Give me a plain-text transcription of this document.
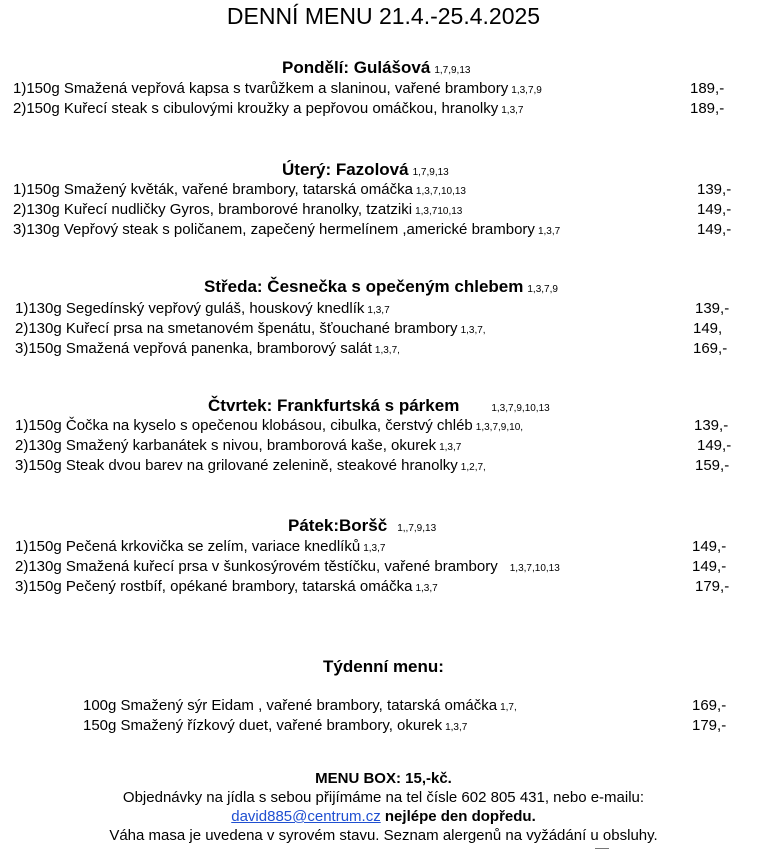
DENNÍ MENU 21.4.-25.4.2025
Pondělí: Gulášová 1,7,9,13
1)150g Smažená vepřová kapsa s tvarůžkem a slaninou, vařené brambory 1,3,7,9	189,-
2)150g Kuřecí steak s cibulovými kroužky a pepřovou omáčkou, hranolky 1,3,7	189,-
Úterý: Fazolová 1,7,9,13
1)150g Smažený květák, vařené brambory, tatarská omáčka 1,3,7,10,13	139,-
2)130g Kuřecí nudličky Gyros, bramborové hranolky, tzatziki 1,3,710,13	149,-
3)130g Vepřový steak s poličanem, zapečený hermelínem ,americké brambory 1,3,7	149,-
Středa: Česnečka s opečeným chlebem 1,3,7,9
1)130g Segedínský vepřový guláš, houskový knedlík 1,3,7	139,-
2)130g Kuřecí prsa na smetanovém špenátu, šťouchané brambory 1,3,7,	149,
3)150g Smažená vepřová panenka, bramborový salát 1,3,7,	169,-
Čtvrtek: Frankfurtská s párkem	1,3,7,9,10,13
1)150g Čočka na kyselo s opečenou klobásou, cibulka, čerstvý chléb 1,3,7,9,10,	139,-
2)130g Smažený karbanátek s nivou, bramborová kaše, okurek 1,3,7	149,-
3)150g Steak dvou barev na grilované zelenině, steakové hranolky 1,2,7,	159,-
Pátek:Boršč 1,,7,9,13
1)150g Pečená krkovička se zelím, variace knedlíků 1,3,7	149,-
2)130g Smažená kuřecí prsa v šunkosýrovém těstíčku, vařené brambory 1,3,7,10,13	149,-
3)150g Pečený rostbíf, opékané brambory, tatarská omáčka 1,3,7	179,-
Týdenní menu:
100g Smažený sýr Eidam , vařené brambory, tatarská omáčka 1,7,	169,-
150g Smažený řízkový duet, vařené brambory, okurek 1,3,7	179,-
MENU BOX: 15,-kč.
Objednávky na jídla s sebou přijímáme na tel čísle 602 805 431, nebo e-mailu:
david885@centrum.cz nejlépe den dopředu.
Váha masa je uvedena v syrovém stavu. Seznam alergenů na vyžádání u obsluhy.
